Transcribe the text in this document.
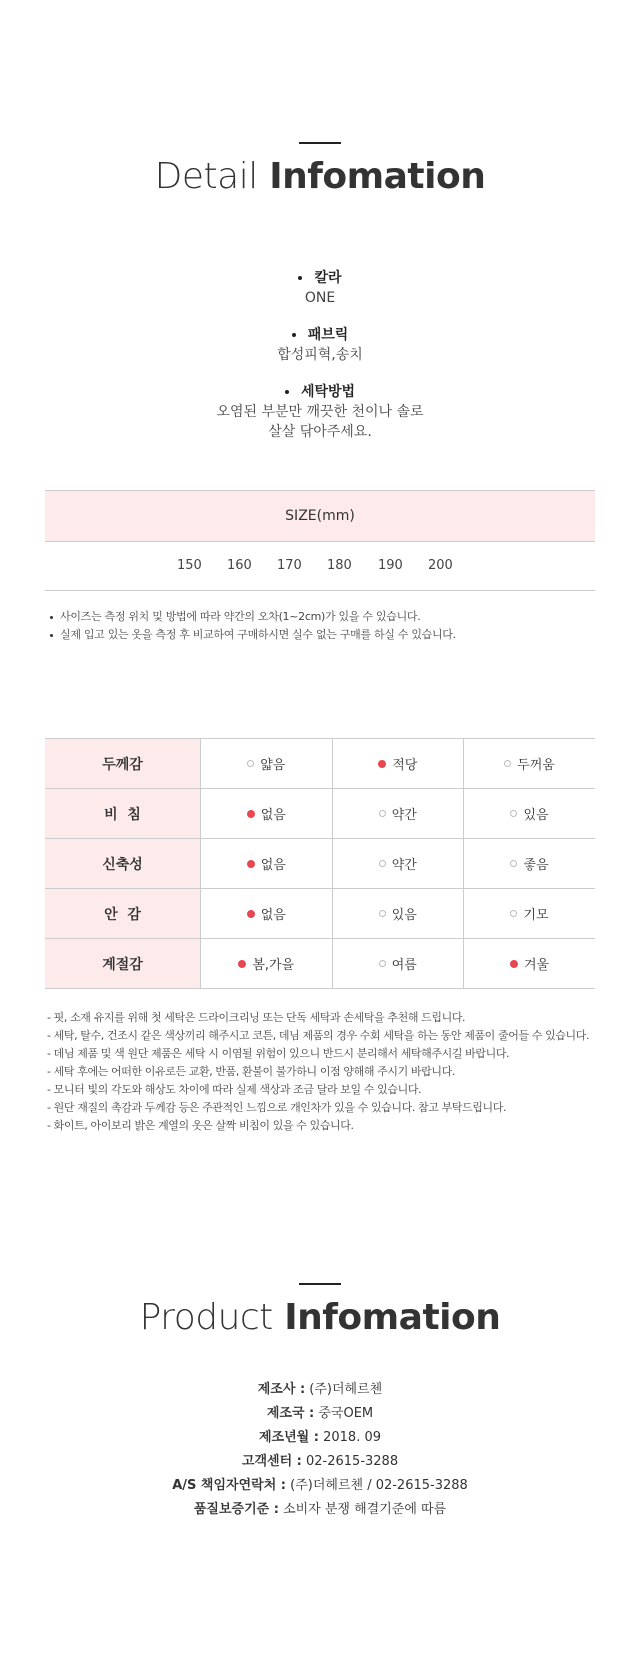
Detail Infomation
칼라
ONE
패브릭
합성피혁,송치
세탁방법
오염된 부분만 깨끗한 천이나 솔로
살살 닦아주세요.
SIZE(mm)
150 160 170 180 190 200
사이즈는 측정 위치 및 방법에 따라 약간의 오차(1~2cm)가 있을 수 있습니다.
실제 입고 있는 옷을 측정 후 비교하여 구매하시면 실수 없는 구매를 하실 수 있습니다.
두께감	얇음	적당	두꺼움

비  침	없음	약간	있음

신축성	없음	약간	좋음

안  감	없음	있음	기모

계절감	봄,가을	여름	겨울
- 핏, 소재 유지를 위해 첫 세탁은 드라이크리닝 또는 단독 세탁과 손세탁을 추천해 드립니다.
- 세탁, 탈수, 건조시 같은 색상끼리 해주시고 코튼, 데님 제품의 경우 수회 세탁을 하는 동안 제품이 줄어들 수 있습니다.
- 데님 제품 및 색 원단 제품은 세탁 시 이염될 위험이 있으니 반드시 분리해서 세탁해주시길 바랍니다.
- 세탁 후에는 어떠한 이유로든 교환, 반품, 환불이 불가하니 이점 양해해 주시기 바랍니다.
- 모니터 빛의 각도와 해상도 차이에 따라 실제 색상과 조금 달라 보일 수 있습니다.
- 원단 재질의 촉감과 두께감 등은 주관적인 느낌으로 개인차가 있을 수 있습니다. 참고 부탁드립니다.
- 화이트, 아이보리 밝은 계열의 옷은 살짝 비침이 있을 수 있습니다.
Product Infomation
제조사 : (주)더헤르첸
제조국 : 중국OEM
제조년월 : 2018. 09
고객센터 : 02-2615-3288
A/S 책임자연락처 : (주)더헤르첸 / 02-2615-3288
품질보증기준 : 소비자 분쟁 해결기준에 따름
